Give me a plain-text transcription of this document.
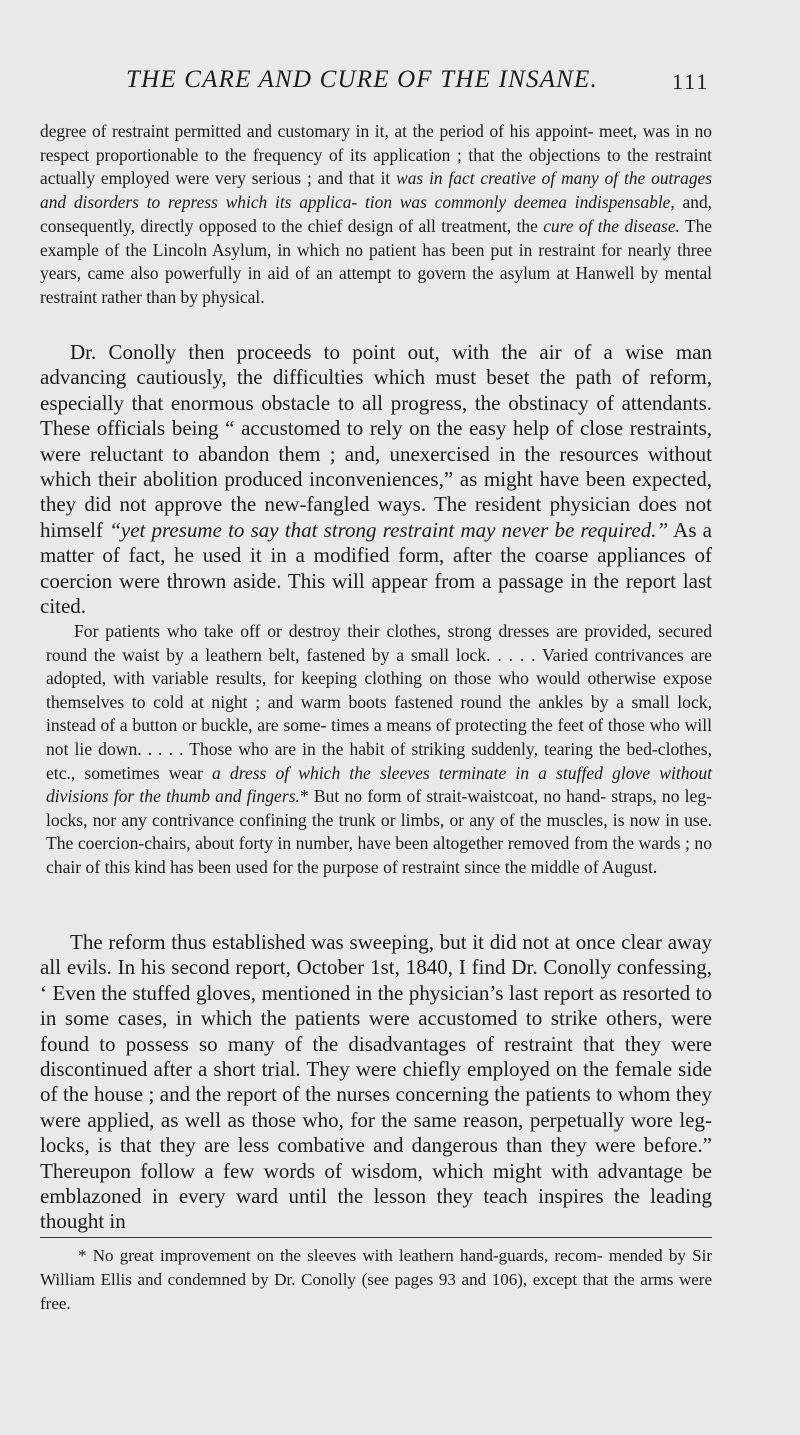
THE CARE AND CURE OF THE INSANE.	111

degree of restraint permitted and customary in it, at the period of his appoint- meet, was in no respect proportionable to the frequency of its application ; that the objections to the restraint actually employed were very serious ; and that it was in fact creative of many of the outrages and disorders to repress which its applica- tion was commonly deemea indispensable, and, consequently, directly opposed to the chief design of all treatment, the cure of the disease. The example of the Lincoln Asylum, in which no patient has been put in restraint for nearly three years, came also powerfully in aid of an attempt to govern the asylum at Hanwell by mental restraint rather than by physical.

Dr. Conolly then proceeds to point out, with the air of a wise man advancing cautiously, the difficulties which must beset the path of reform, especially that enormous obstacle to all progress, the obstinacy of attendants. These officials being “ accustomed to rely on the easy help of close restraints, were reluctant to abandon them ; and, unexercised in the resources without which their abolition produced inconveniences,” as might have been expected, they did not approve the new-fangled ways. The resident physician does not himself “yet presume to say that strong restraint may never be required.” As a matter of fact, he used it in a modified form, after the coarse appliances of coercion were thrown aside. This will appear from a passage in the report last cited.

For patients who take off or destroy their clothes, strong dresses are provided, secured round the waist by a leathern belt, fastened by a small lock. . . . . Varied contrivances are adopted, with variable results, for keeping clothing on those who would otherwise expose themselves to cold at night ; and warm boots fastened round the ankles by a small lock, instead of a button or buckle, are some- times a means of protecting the feet of those who will not lie down. . . . . Those who are in the habit of striking suddenly, tearing the bed-clothes, etc., sometimes wear a dress of which the sleeves terminate in a stuffed glove without divisions for the thumb and fingers.* But no form of strait-waistcoat, no hand- straps, no leg-locks, nor any contrivance confining the trunk or limbs, or any of the muscles, is now in use. The coercion-chairs, about forty in number, have been altogether removed from the wards ; no chair of this kind has been used for the purpose of restraint since the middle of August.

The reform thus established was sweeping, but it did not at once clear away all evils. In his second report, October 1st, 1840, I find Dr. Conolly confessing, ‘ Even the stuffed gloves, mentioned in the physician’s last report as resorted to in some cases, in which the patients were accustomed to strike others, were found to possess so many of the disadvantages of restraint that they were discontinued after a short trial. They were chiefly employed on the female side of the house ; and the report of the nurses concerning the patients to whom they were applied, as well as those who, for the same reason, perpetually wore leg-locks, is that they are less combative and dangerous than they were before.” Thereupon follow a few words of wisdom, which might with advantage be emblazoned in every ward until the lesson they teach inspires the leading thought in

* No great improvement on the sleeves with leathern hand-guards, recom- mended by Sir William Ellis and condemned by Dr. Conolly (see pages 93 and 106), except that the arms were free.
